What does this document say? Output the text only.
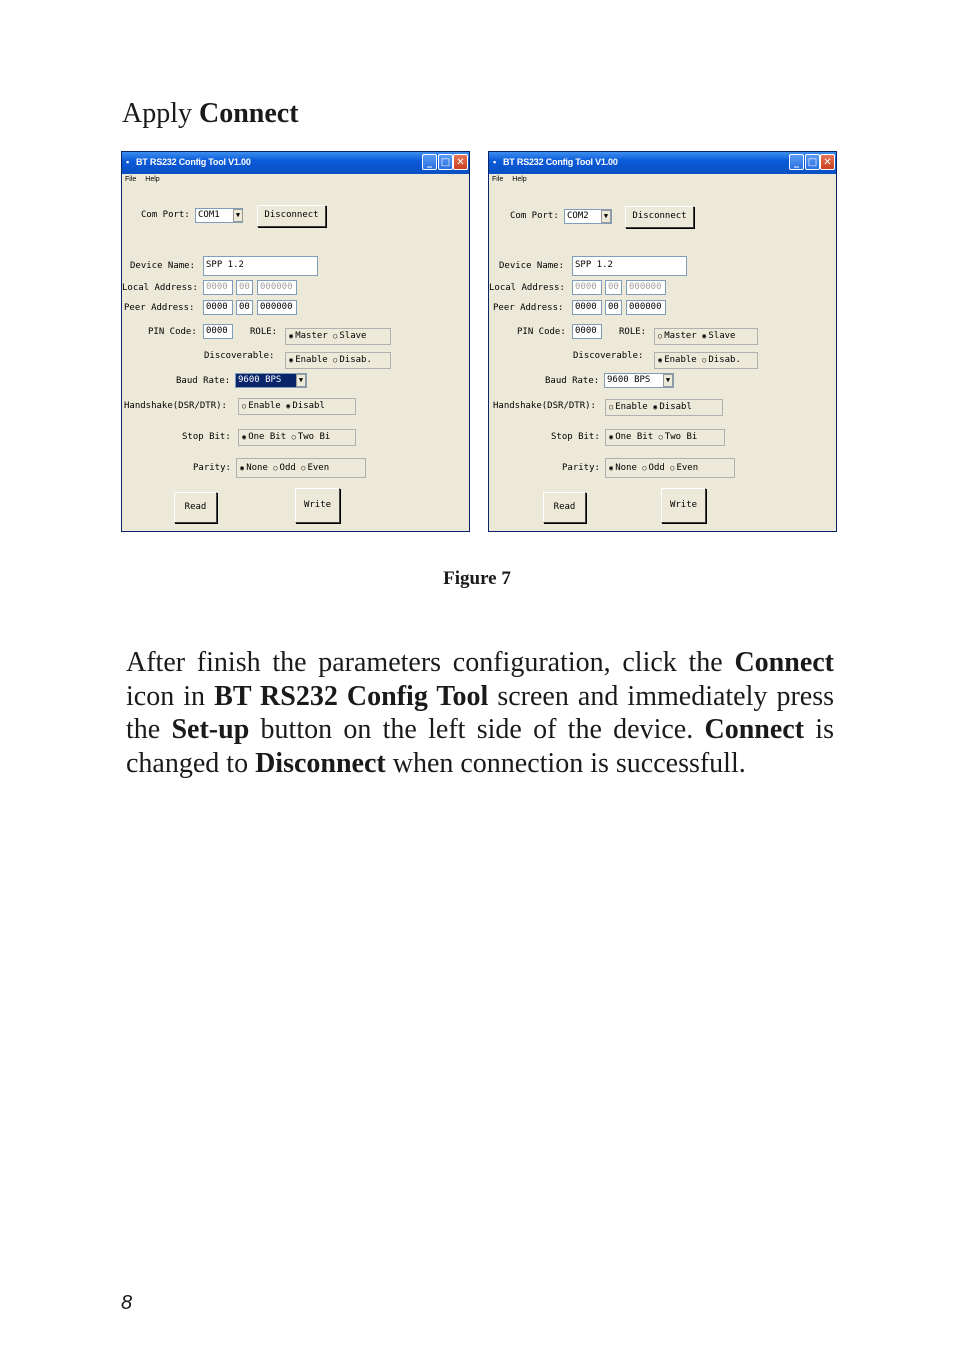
Apply Connect
▪ BT RS232 Config Tool V1.00	_ □ ✕
File Help
Com Port: COM1	▼	Disconnect
Device Name:	SPP 1.2
Local Address: 0000	00	000000
Peer Address:	0000	00	000000
PIN Code:	0000	ROLE:	◉ Master ○ Slave
Discoverable:	◉ Enable ○ Disab.
Baud Rate: 9600 BPS	▼
Handshake(DSR/DTR):	○ Enable ◉ Disabl
Stop Bit:	◉ One Bit ○ Two Bi
Parity:	◉ None ○ Odd ○ Even
Read	Write
▪ BT RS232 Config Tool V1.00	_ □ ✕
File Help
Com Port: COM2	▼	Disconnect
Device Name:	SPP 1.2
Local Address:	0000	00	000000
Peer Address:	0000	00	000000
PIN Code:	0000	ROLE:	○ Master ◉ Slave
Discoverable:	◉ Enable ○ Disab.
Baud Rate: 9600 BPS	▼
Handshake(DSR/DTR):	○ Enable ◉ Disabl
Stop Bit:	◉ One Bit ○ Two Bi
Parity:	◉ None ○ Odd ○ Even
Read	Write
Figure 7
After finish the parameters configuration, click the Connect icon in BT RS232 Config Tool screen and immediately press the Set-up button on the left side of the device. Connect is changed to Disconnect when connection is successfull.
8
